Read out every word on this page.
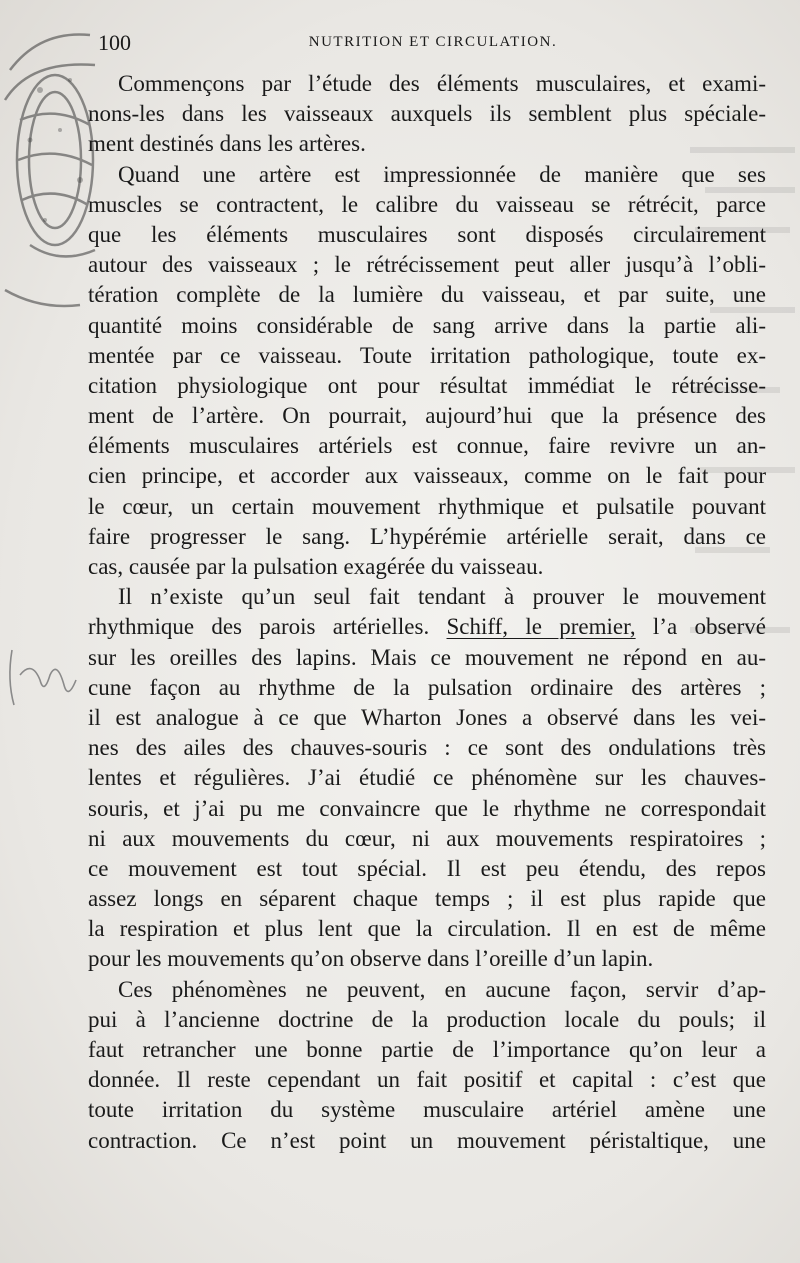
100	NUTRITION ET CIRCULATION.
Commençons par l’étude des éléments musculaires, et exami-
nons-les dans les vaisseaux auxquels ils semblent plus spéciale-
ment destinés dans les artères.
Quand une artère est impressionnée de manière que ses
muscles se contractent, le calibre du vaisseau se rétrécit, parce
que les éléments musculaires sont disposés circulairement
autour des vaisseaux ; le rétrécissement peut aller jusqu’à l’obli-
tération complète de la lumière du vaisseau, et par suite, une
quantité moins considérable de sang arrive dans la partie ali-
mentée par ce vaisseau. Toute irritation pathologique, toute ex-
citation physiologique ont pour résultat immédiat le rétrécisse-
ment de l’artère. On pourrait, aujourd’hui que la présence des
éléments musculaires artériels est connue, faire revivre un an-
cien principe, et accorder aux vaisseaux, comme on le fait pour
le cœur, un certain mouvement rhythmique et pulsatile pouvant
faire progresser le sang. L’hypérémie artérielle serait, dans ce
cas, causée par la pulsation exagérée du vaisseau.
Il n’existe qu’un seul fait tendant à prouver le mouvement
rhythmique des parois artérielles. Schiff, le premier, l’a observé
sur les oreilles des lapins. Mais ce mouvement ne répond en au-
cune façon au rhythme de la pulsation ordinaire des artères ;
il est analogue à ce que Wharton Jones a observé dans les vei-
nes des ailes des chauves-souris : ce sont des ondulations très
lentes et régulières. J’ai étudié ce phénomène sur les chauves-
souris, et j’ai pu me convaincre que le rhythme ne correspondait
ni aux mouvements du cœur, ni aux mouvements respiratoires ;
ce mouvement est tout spécial. Il est peu étendu, des repos
assez longs en séparent chaque temps ; il est plus rapide que
la respiration et plus lent que la circulation. Il en est de même
pour les mouvements qu’on observe dans l’oreille d’un lapin.
Ces phénomènes ne peuvent, en aucune façon, servir d’ap-
pui à l’ancienne doctrine de la production locale du pouls; il
faut retrancher une bonne partie de l’importance qu’on leur a
donnée. Il reste cependant un fait positif et capital : c’est que
toute irritation du système musculaire artériel amène une
contraction. Ce n’est point un mouvement péristaltique, une
